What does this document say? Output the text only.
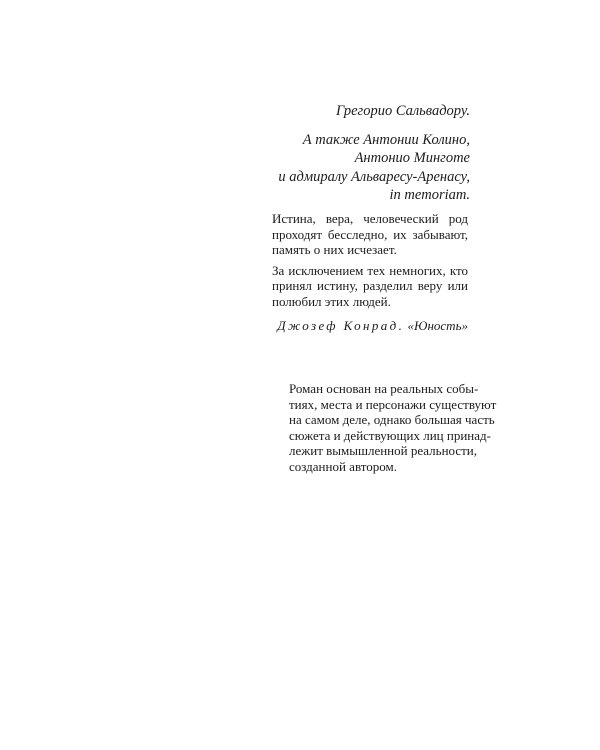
Грегорио Сальвадору.
А также Антонии Колино,
Антонио Минготе
и адмиралу Альваресу-Аренасу,
in memoriam.

Истина, вера, человеческий род проходят бесследно, их забывают, память о них исчезает.

За исключением тех немногих, кто принял истину, разделил веру или полюбил этих людей.

Джозеф Конрад. «Юность»
Роман основан на реальных собы-
тиях, места и персонажи существуют
на самом деле, однако большая часть
сюжета и действующих лиц принад-
лежит вымышленной реальности,
созданной автором.
